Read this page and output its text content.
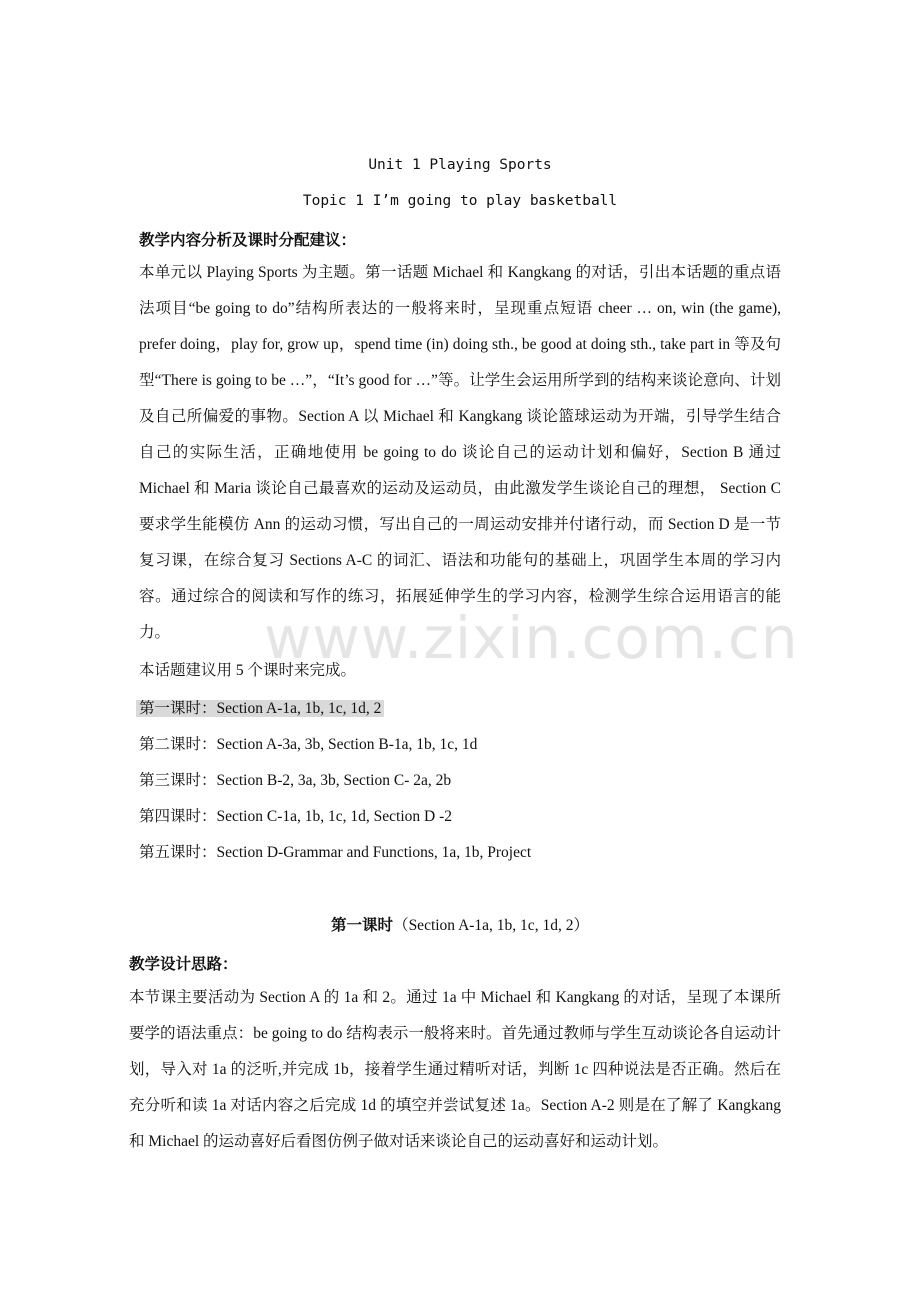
Unit 1 Playing Sports
Topic 1 I’m going to play basketball
教学内容分析及课时分配建议：
本单元以 Playing Sports 为主题。第一话题 Michael 和 Kangkang 的对话，引出本话题的重点语法项目“be going to do”结构所表达的一般将来时，呈现重点短语 cheer … on, win (the game), prefer doing，play for, grow up，spend time (in) doing sth., be good at doing sth., take part in 等及句型“There is going to be …”，“It’s good for …”等。让学生会运用所学到的结构来谈论意向、计划及自己所偏爱的事物。Section A 以 Michael 和 Kangkang 谈论篮球运动为开端，引导学生结合自己的实际生活，正确地使用 be going to do 谈论自己的运动计划和偏好，Section B 通过 Michael 和 Maria 谈论自己最喜欢的运动及运动员，由此激发学生谈论自己的理想， Section C 要求学生能模仿 Ann 的运动习惯，写出自己的一周运动安排并付诸行动，而 Section D 是一节复习课，在综合复习 Sections A-C 的词汇、语法和功能句的基础上，巩固学生本周的学习内容。通过综合的阅读和写作的练习，拓展延伸学生的学习内容，检测学生综合运用语言的能力。
本话题建议用 5 个课时来完成。
第一课时：Section A-1a, 1b, 1c, 1d, 2
第二课时：Section A-3a, 3b, Section B-1a, 1b, 1c, 1d
第三课时：Section B-2, 3a, 3b, Section C- 2a, 2b
第四课时：Section C-1a, 1b, 1c, 1d, Section D -2
第五课时：Section D-Grammar and Functions, 1a, 1b, Project
第一课时（Section A-1a, 1b, 1c, 1d, 2）
教学设计思路：
本节课主要活动为 Section A 的 1a 和 2。通过 1a 中 Michael 和 Kangkang 的对话，呈现了本课所要学的语法重点：be going to do 结构表示一般将来时。首先通过教师与学生互动谈论各自运动计划，导入对 1a 的泛听,并完成 1b，接着学生通过精听对话，判断 1c 四种说法是否正确。然后在充分听和读 1a 对话内容之后完成 1d 的填空并尝试复述 1a。Section A-2 则是在了解了 Kangkang 和 Michael 的运动喜好后看图仿例子做对话来谈论自己的运动喜好和运动计划。
www.zixin.com.cn
